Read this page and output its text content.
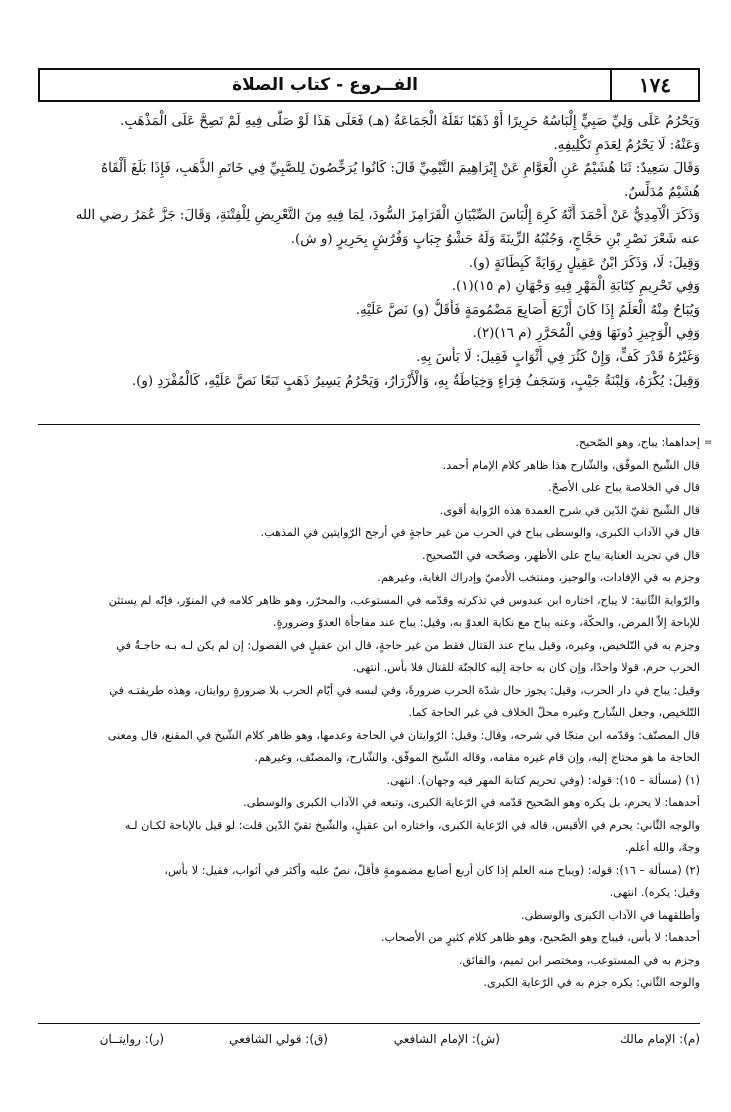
١٧٤
الفــروع - كتاب الصلاة
وَيَحْرُمُ عَلَى وَلِيِّ صَبِيٍّ إِلْبَاسُهُ حَرِيرًا أَوْ ذَهَبًا نَقَلَهُ الْجَمَاعَةُ (هـ) فَعَلَى هَذَا لَوْ صَلَّى فِيهِ لَمْ تَصِحَّ عَلَى الْمَذْهَبِ.
وَعَنْهُ: لَا يَحْرُمُ لِعَدَمِ تَكْلِيفِهِ.
وَقَالَ سَعِيدٌ: ثَنَا هُشَيْمٌ عَنِ الْعَوَّامِ عَنْ إِبْرَاهِيمَ التَّيْمِيِّ قَالَ: كَانُوا يُرَخِّصُونَ لِلصَّبِيِّ فِي خَاتَمِ الذَّهَبِ، فَإِذَا بَلَغَ أَلْقَاهُ
هُشَيْمٌ مُدَلِّسٌ.
وَذَكَرَ الْآمِدِيُّ عَنْ أَحْمَدَ أَنَّهُ كَرِهَ إِلْبَاسَ الصِّبْيَانِ الْقَرَامِزَ السُّودَ، لِمَا فِيهِ مِنَ التَّعْرِيضِ لِلْفِتْنَةِ، وَقَالَ: جَزَّ عُمَرُ رضي الله
عنه شَعْرَ نَصْرِ بْنِ حَجَّاجٍ، وَجُنُبُهُ الزِّينَةَ وَلَهُ حَشْوُ جِبَابٍ وَفُرُشٍ بِحَرِيرٍ (و ش).
وَقِيلَ: لَا، وَذَكَرَ ابْنُ عَقِيلٍ رِوَايَةً كَبِطَانَةٍ (و).
وَفِي تَحْرِيمِ كِتَابَةِ الْمَهْرِ فِيهِ وَجْهَانِ (م ١٥)(١).
وَيُبَاحُ مِنْهُ الْعَلَمُ إِذَا كَانَ أَرْبَعَ أَصَابِعَ مَضْمُومَةٍ فَأَقَلُّ (و) نَصَّ عَلَيْهِ.
وَفِي الْوَجِيزِ دُونَهَا وَفِي الْمُحَرَّرِ (م ١٦)(٢).
وَغَيْرُهُ قَدْرَ كَفٍّ، وَإِنْ كَثُرَ فِي أَثْوَابٍ فَقِيلَ: لَا بَأْسَ بِهِ.
وَقِيلَ: يُكْرَهُ، وَلِبْنَةُ جَيْبٍ، وَسَجَفُ فِرَاءٍ وَخِيَاطَةٌ بِهِ، وَالْأَزْرَارُ، وَيَحْرُمُ يَسِيرُ ذَهَبٍ تَبَعًا نَصَّ عَلَيْهِ، كَالْمُفْرَدِ (و).
=
إحداهما: يباح، وهو الصّحيح.
قال الشّيخ الموفّق، والشّارح هذا ظاهر كلام الإمام أحمد.
قال في الخلاصة يباح على الأصحّ.
قال الشّيخ تقيّ الدّين في شرح العمدة هذه الرّواية أقوى.
قال في الآداب الكبرى، والوسطى يباح في الحرب من غير حاجةٍ في أرجح الرّوايتين في المذهب.
قال في تجريد العناية يباح على الأظهر، وصحّحه في التّصحيح.
وجزم به في الإفادات، والوجيز، ومنتخب الأدميّ وإدراك الغاية، وغيرهم.
والرّواية الثّانية: لا يباح، اختاره ابن عبدوس في تذكرته وقدّمه في المستوعب، والمحرّر، وهو ظاهر كلامه في المنوّر، فإنّه لم يستثن
للإباحة إلاّ المرض، والحكّة، وعنه يباح مع نكاية العدوّ به، وقيل: يباح عند مفاجأة العدوّ وضرورةٍ.
وجزم به في التّلخيص، وغيره، وقيل يباح عند القتال فقط من غير حاجةٍ، قال ابن عقيلٍ في الفصول: إن لم يكن لـه بـه حاجـةٌ في
الحرب حرم، قولا واحدًا، وإن كان به حاجة إليه كالجنّة للقتال فلا بأس. انتهى.
وقيل: يباح في دار الحرب، وقيل: يجوز حال شدّة الحرب ضرورةً، وفي لبسه في أيّام الحرب بلا ضرورةٍ روايتان، وهذه طريقتـه في
التّلخيص، وجعل الشّارح وغيره محلّ الخلاف في غير الحاجة كما.
قال المصنّف: وقدّمه ابن منجّا في شرحه، وقال: وقيل: الرّوايتان في الحاجة وعدمها، وهو ظاهر كلام الشّيخ في المقنع، قال ومعنى
الحاجة ما هو محتاج إليه، وإن قام غيره مقامه، وقاله الشّيخ الموفّق، والشّارح، والمصنّف، وغيرهم.
(١) (مسألة – ١٥): قوله: (وفي تحريم كتابة المهر فيه وجهان). انتهى.
أحدهما: لا يحرم، بل يكره وهو الصّحيح قدّمه في الرّعاية الكبرى، وتبعه في الآداب الكبرى والوسطى.
والوجه الثّاني: يحرم في الأقيس، قاله في الرّعاية الكبرى، واختاره ابن عقيلٍ، والشّيخ تقيّ الدّين قلت: لو قيل بالإباحة لكـان لـه
وجهٌ، والله أعلم.
(٢) (مسألة – ١٦): قوله: (ويباح منه العلم إذا كان أربع أصابع مضمومةٍ فأقلّ، نصّ عليه وأكثر في أثواب، فقيل: لا بأس،
وقيل: يكره). انتهى.
وأطلقهما في الآداب الكبرى والوسطى.
أحدهما: لا بأس، فيباح وهو الصّحيح، وهو ظاهر كلام كثيرٍ من الأصحاب.
وجزم به في المستوعب، ومختصر ابن تميم، والفائق.
والوجه الثّاني: يكره جزم به في الرّعاية الكبرى.
(م): الإمام مالك
(ش): الإمام الشافعي
(ق): قولي الشافعي
(ر): روايتــان
